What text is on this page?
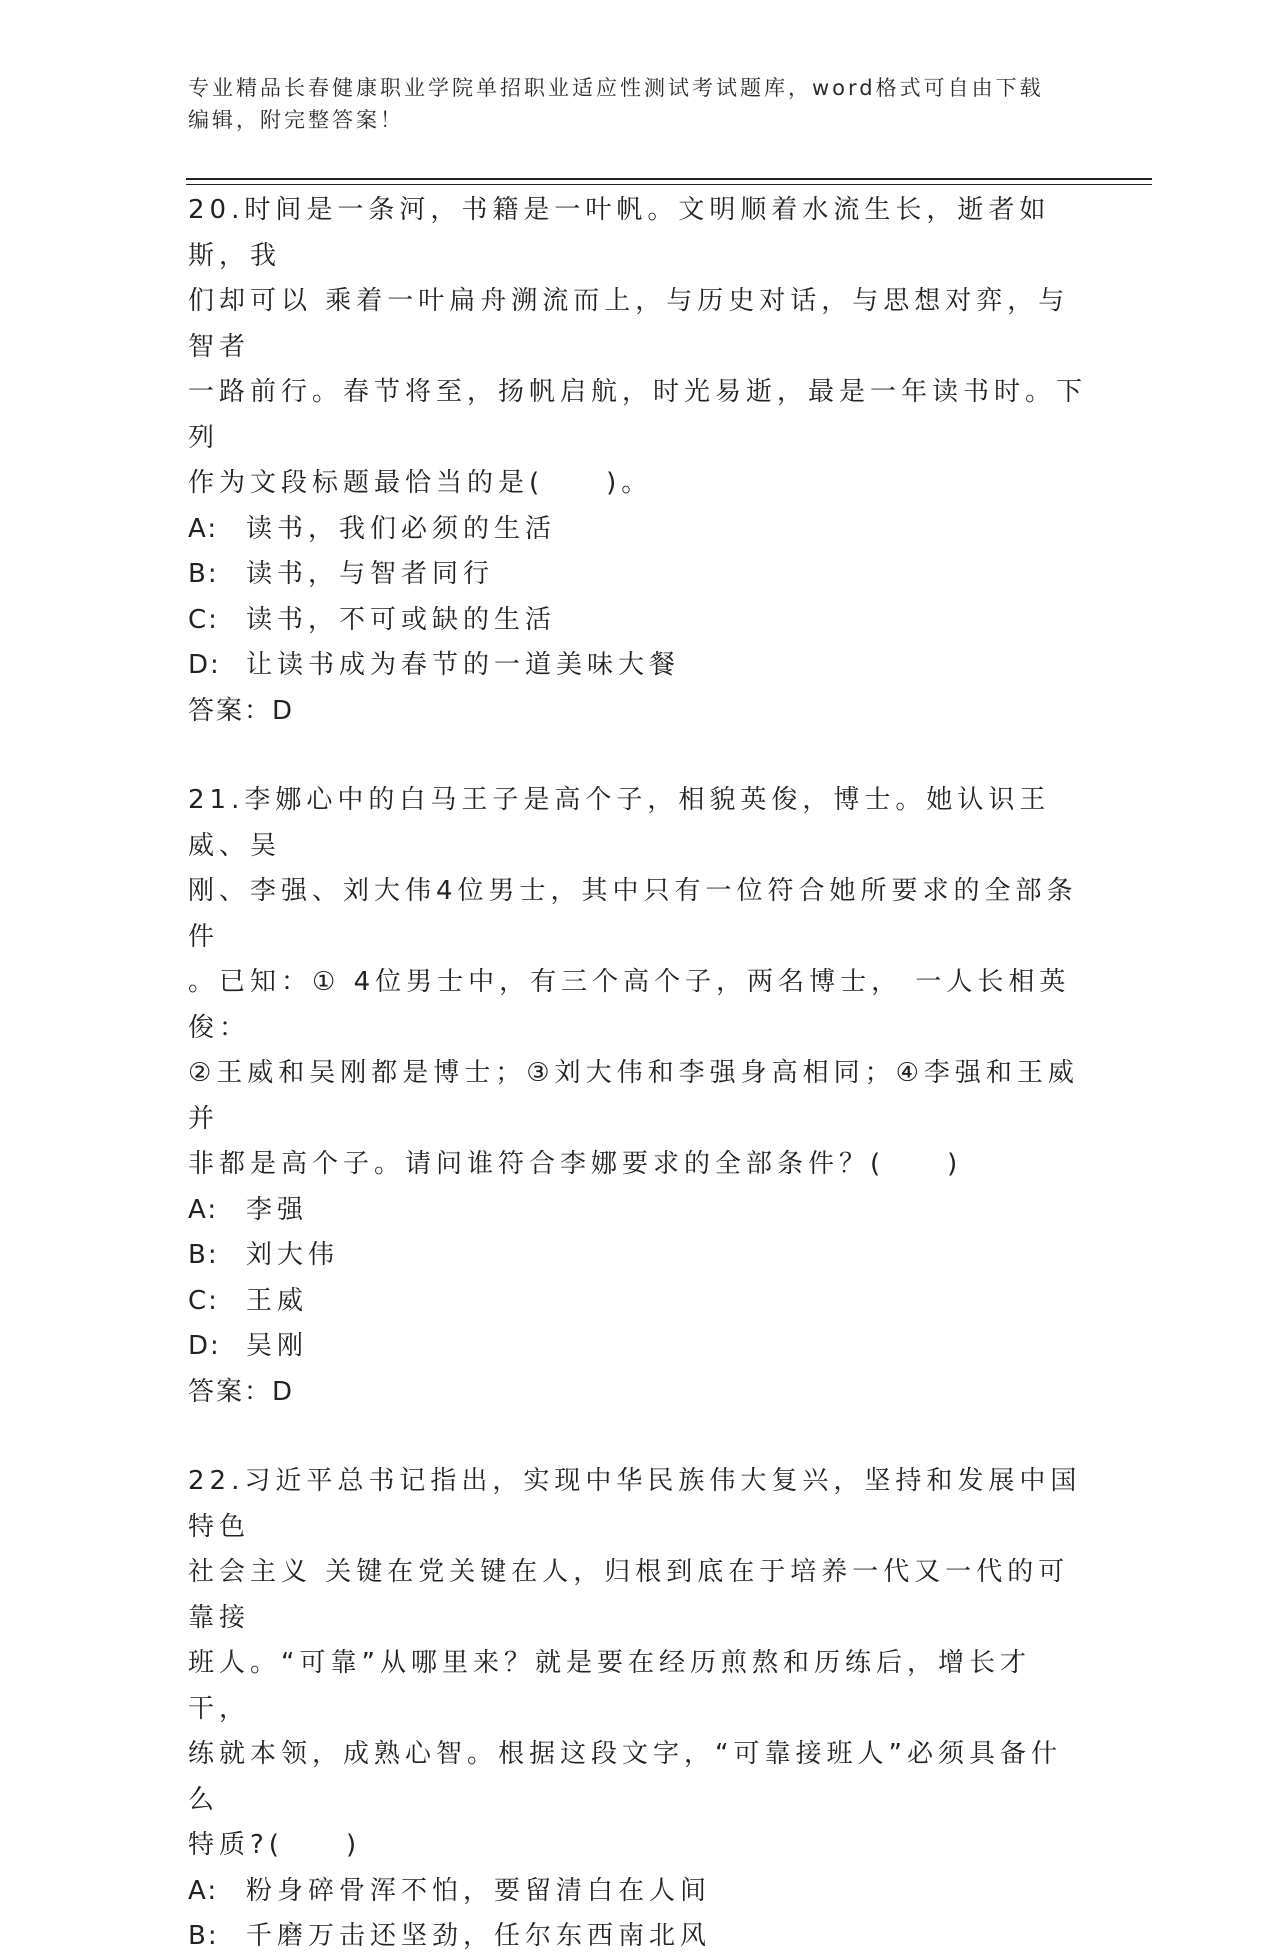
专业精品长春健康职业学院单招职业适应性测试考试题库，word格式可自由下载
编辑，附完整答案！

20.时间是一条河，书籍是一叶帆。文明顺着水流生长，逝者如斯，我

们却可以 乘着一叶扁舟溯流而上，与历史对话，与思想对弈，与智者

一路前行。春节将至，扬帆启航，时光易逝，最是一年读书时。下列

作为文段标题最恰当的是(　　)。

A: 读书，我们必须的生活

B: 读书，与智者同行

C: 读书，不可或缺的生活

D: 让读书成为春节的一道美味大餐

答案：D

21.李娜心中的白马王子是高个子，相貌英俊，博士。她认识王威、吴

刚、李强、刘大伟4位男士，其中只有一位符合她所要求的全部条件

。已知：① 4位男士中，有三个高个子，两名博士， 一人长相英俊：

②王威和吴刚都是博士；③刘大伟和李强身高相同；④李强和王威并

非都是高个子。请问谁符合李娜要求的全部条件？(　　)

A: 李强

B: 刘大伟

C: 王威

D: 吴刚

答案：D

22.习近平总书记指出，实现中华民族伟大复兴，坚持和发展中国特色

社会主义 关键在党关键在人，归根到底在于培养一代又一代的可靠接

班人。“可靠”从哪里来？就是要在经历煎熬和历练后，增长才干，

练就本领，成熟心智。根据这段文字，“可靠接班人”必须具备什么

特质?(　　)

A: 粉身碎骨浑不怕，要留清白在人间

B: 千磨万击还坚劲，任尔东西南北风
